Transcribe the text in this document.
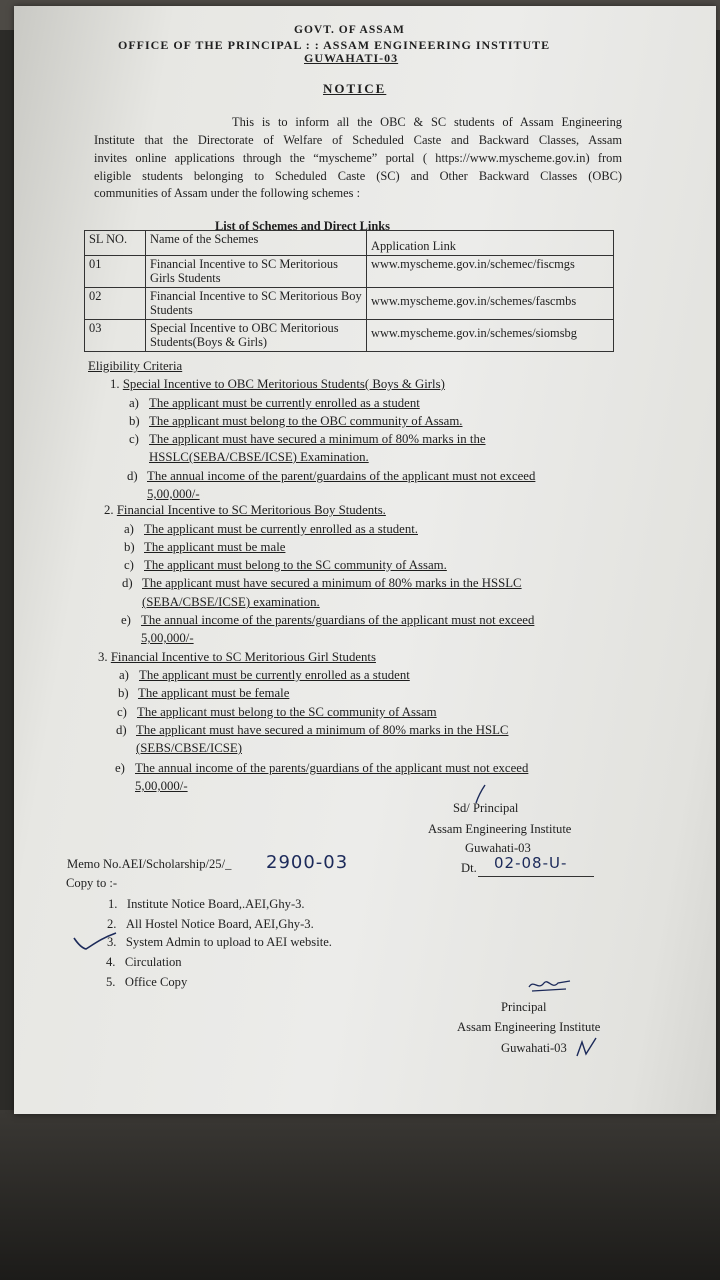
GOVT. OF ASSAM
OFFICE OF THE PRINCIPAL : : ASSAM ENGINEERING INSTITUTE
GUWAHATI-03
NOTICE
This is to inform all the OBC & SC students of Assam Engineering
Institute that the Directorate of Welfare of Scheduled Caste and Backward Classes, Assam
invites online applications through the “myscheme” portal ( https://www.myscheme.gov.in) from
eligible students belonging to Scheduled Caste (SC) and Other Backward Classes (OBC)
communities of Assam under the following schemes :
List of Schemes and Direct Links
SL NO.	Name of the Schemes	Application Link
01	Financial Incentive to SC Meritorious Girls Students	www.myscheme.gov.in/schemec/fiscmgs
02	Financial Incentive to SC Meritorious Boy Students	www.myscheme.gov.in/schemes/fascmbs
03	Special Incentive to OBC Meritorious Students(Boys & Girls)	www.myscheme.gov.in/schemes/siomsbg
Eligibility Criteria
1. Special Incentive to OBC Meritorious Students( Boys & Girls)
a) The applicant must be currently enrolled as a student
b) The applicant must belong to the OBC community of Assam.
c) The applicant must have secured a minimum of 80% marks in the
HSSLC(SEBA/CBSE/ICSE) Examination.
d) The annual income of the parent/guardains of the applicant must not exceed
5,00,000/-
2. Financial Incentive to SC Meritorious Boy Students.
a) The applicant must be currently enrolled as a student.
b) The applicant must be male
c) The applicant must belong to the SC community of Assam.
d) The applicant must have secured a minimum of 80% marks in the HSSLC
(SEBA/CBSE/ICSE) examination.
e) The annual income of the parents/guardians of the applicant must not exceed
5,00,000/-
3. Financial Incentive to SC Meritorious Girl Students
a) The applicant must be currently enrolled as a student
b) The applicant must be female
c) The applicant must belong to the SC community of Assam
d) The applicant must have secured a minimum of 80% marks in the HSLC
(SEBS/CBSE/ICSE)
e) The annual income of the parents/guardians of the applicant must not exceed
5,00,000/-
Sd/ Principal
Assam Engineering Institute
Guwahati-03
Dt. 02-08-U-
Memo No.AEI/Scholarship/25/_ 2900-03
Copy to :-
1. Institute Notice Board,.AEI,Ghy-3.
2. All Hostel Notice Board, AEI,Ghy-3.
3. System Admin to upload to AEI website.
4. Circulation
5. Office Copy
Principal
Assam Engineering Institute
Guwahati-03
